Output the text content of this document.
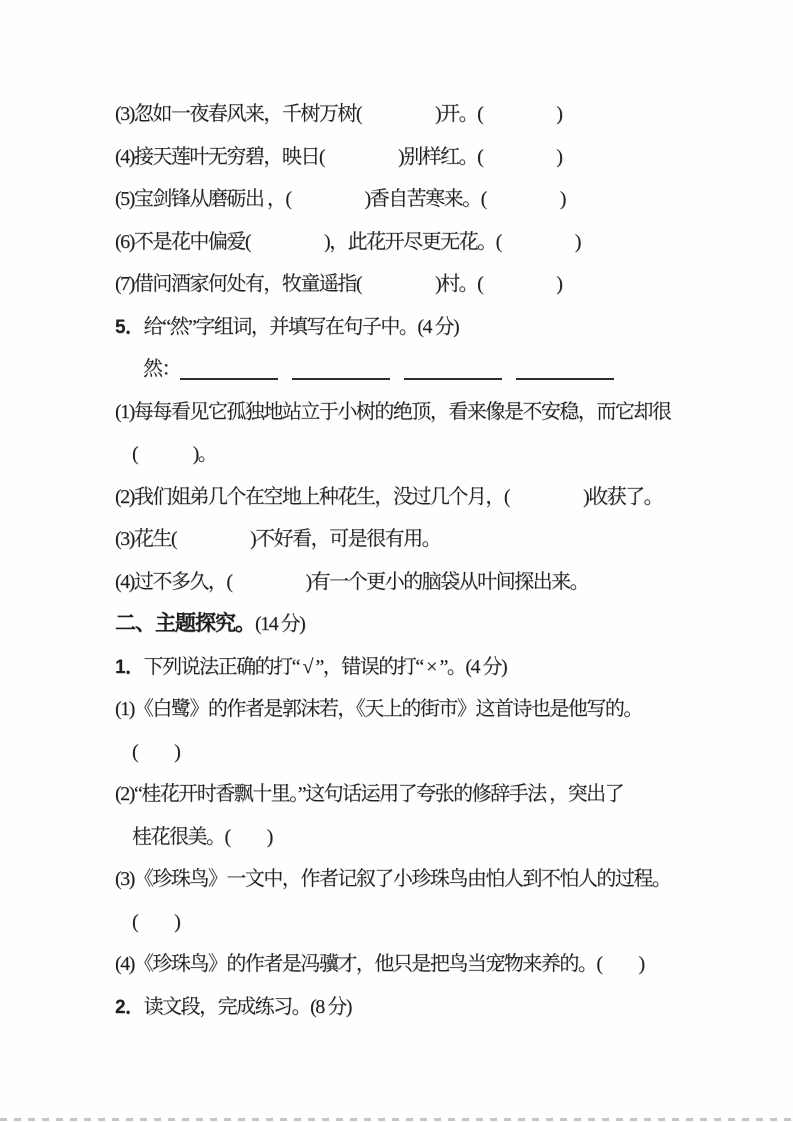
(3)忽如一夜春风来，千树万树(　　　　)开。(　　　　)
(4)接天莲叶无穷碧，映日(　　　　)别样红。(　　　　)
(5)宝剑锋从磨砺出 ，(　　　　)香自苦寒来。(　　　　)
(6)不是花中偏爱(　　　　)，此花开尽更无花。(　　　　)
(7)借问酒家何处有，牧童遥指(　　　　)村。(　　　　)
5．给“然”字组词，并填写在句子中。(4 分)
然：
(1)每每看见它孤独地站立于小树的绝顶，看来像是不安稳，而它却很
(　　　)。
(2)我们姐弟几个在空地上种花生，没过几个月，(　　　　)收获了。
(3)花生(　　　　)不好看，可是很有用。
(4)过不多久，(　　　　)有一个更小的脑袋从叶间探出来。
二、主题探究。(14 分)
1．下列说法正确的打“ √ ”，错误的打“ × ”。(4 分)
(1)《白鹭》的作者是郭沫若，《天上的街市》这首诗也是他写的。
(　　)
(2)“桂花开时香飘十里。”这句话运用了夸张的修辞手法 ，突出了
桂花很美。(　　)
(3)《珍珠鸟》一文中，作者记叙了小珍珠鸟由怕人到不怕人的过程。
(　　)
(4)《珍珠鸟》的作者是冯骥才，他只是把鸟当宠物来养的。(　　)
2．读文段，完成练习。(8 分)
